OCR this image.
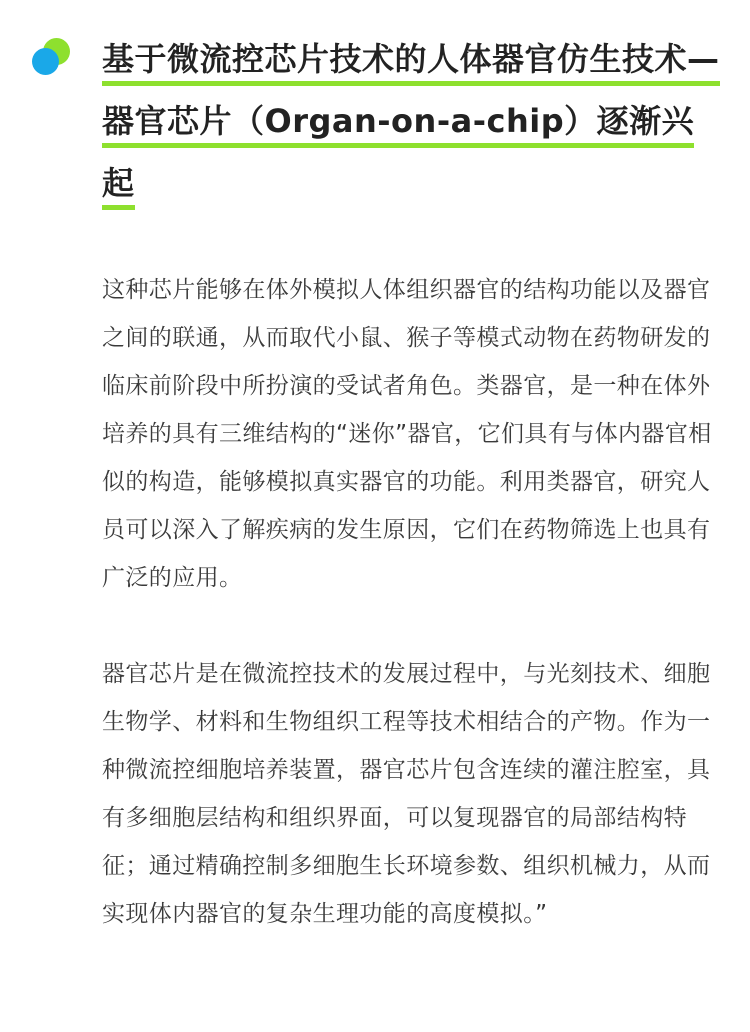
基于微流控芯片技术的人体器官仿生技术—器官芯片（Organ-on-a-chip）逐渐兴起

这种芯片能够在体外模拟人体组织器官的结构功能以及器官之间的联通，从而取代小鼠、猴子等模式动物在药物研发的临床前阶段中所扮演的受试者角色。类器官，是一种在体外培养的具有三维结构的“迷你”器官，它们具有与体内器官相似的构造，能够模拟真实器官的功能。利用类器官，研究人员可以深入了解疾病的发生原因，它们在药物筛选上也具有广泛的应用。

器官芯片是在微流控技术的发展过程中，与光刻技术、细胞生物学、材料和生物组织工程等技术相结合的产物。作为一种微流控细胞培养装置，器官芯片包含连续的灌注腔室，具有多细胞层结构和组织界面，可以复现器官的局部结构特征；通过精确控制多细胞生长环境参数、组织机械力，从而实现体内器官的复杂生理功能的高度模拟。”
